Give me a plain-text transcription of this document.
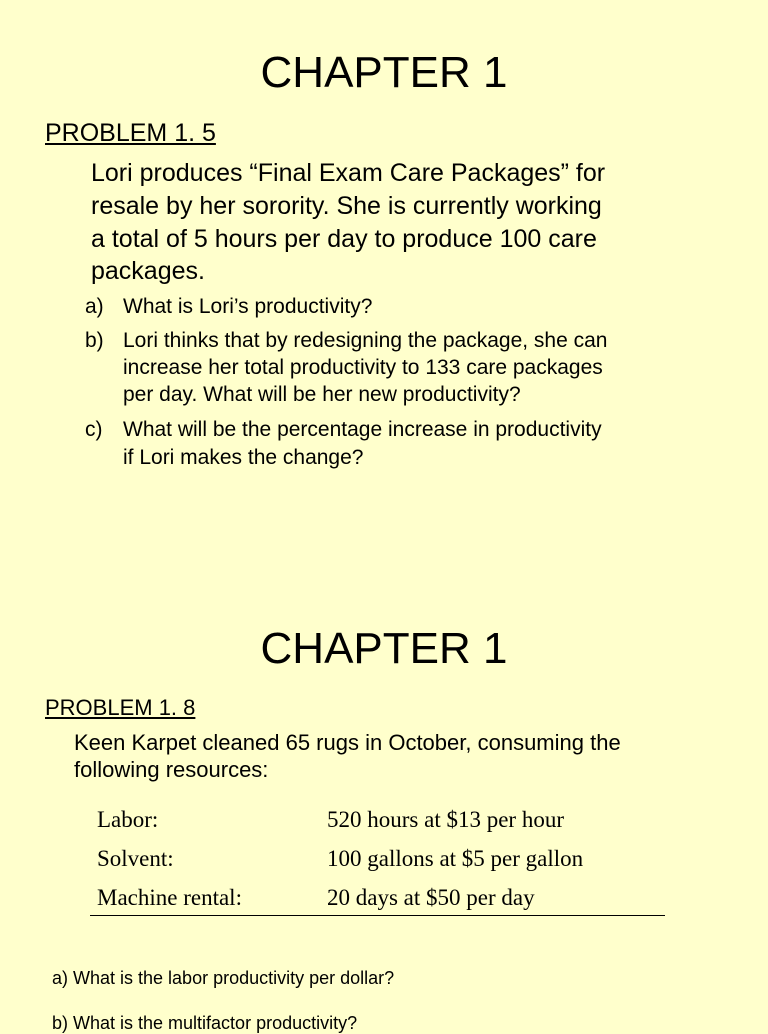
CHAPTER 1
PROBLEM 1. 5
Lori produces “Final Exam Care Packages” for
resale by her sorority. She is currently working
a total of 5 hours per day to produce 100 care
packages.
a) What is Lori’s productivity?
b) Lori thinks that by redesigning the package, she can
increase her total productivity to 133 care packages
per day. What will be her new productivity?
c) What will be the percentage increase in productivity
if Lori makes the change?
CHAPTER 1
PROBLEM 1. 8
Keen Karpet cleaned 65 rugs in October, consuming the
following resources:
Labor:	520 hours at $13 per hour
Solvent:	100 gallons at $5 per gallon
Machine rental:	20 days at $50 per day
a) What is the labor productivity per dollar?
b) What is the multifactor productivity?
